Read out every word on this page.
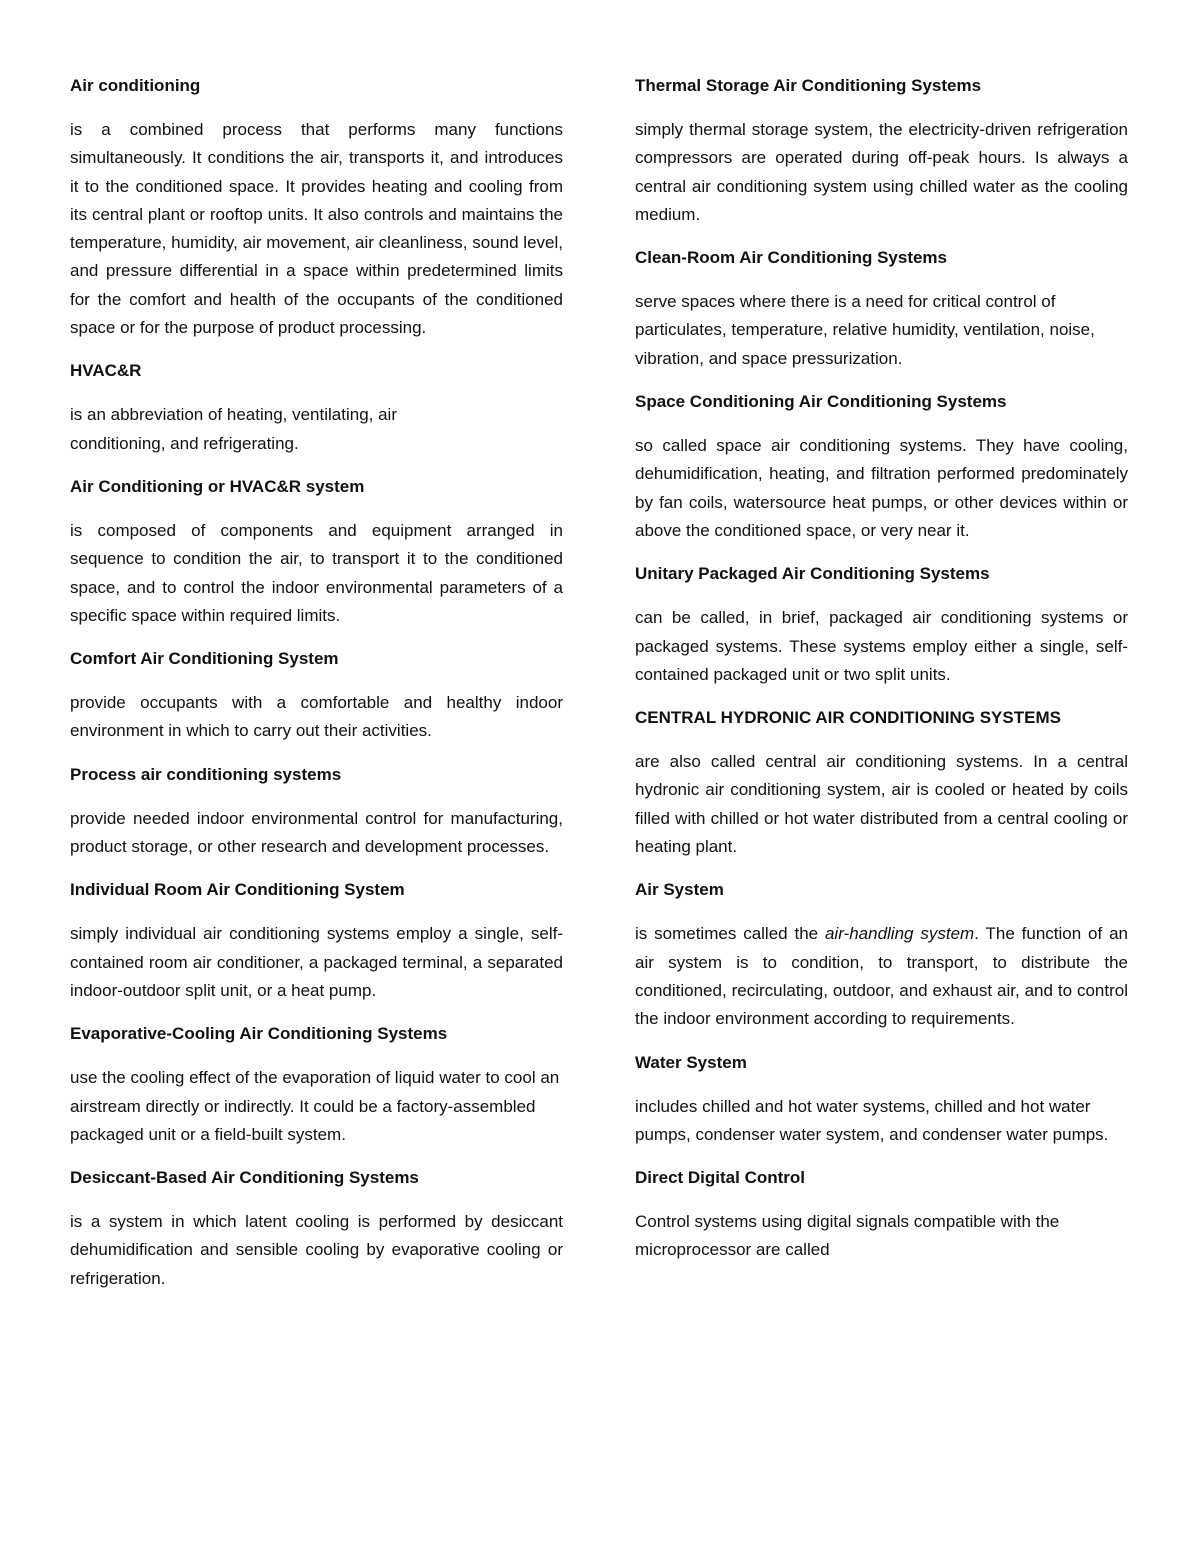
Air conditioning

is a combined process that performs many functions simultaneously. It conditions the air, transports it, and introduces it to the conditioned space. It provides heating and cooling from its central plant or rooftop units. It also controls and maintains the temperature, humidity, air movement, air cleanliness, sound level, and pressure differential in a space within predetermined limits for the comfort and health of the occupants of the conditioned space or for the purpose of product processing.

HVAC&R

is an abbreviation of heating, ventilating, air conditioning, and refrigerating.

Air Conditioning or HVAC&R system

is composed of components and equipment arranged in sequence to condition the air, to transport it to the conditioned space, and to control the indoor environmental parameters of a specific space within required limits.

Comfort Air Conditioning System

provide occupants with a comfortable and healthy indoor environment in which to carry out their activities.

Process air conditioning systems

provide needed indoor environmental control for manufacturing, product storage, or other research and development processes.

Individual Room Air Conditioning System

simply individual air conditioning systems employ a single, self-contained room air conditioner, a packaged terminal, a separated indoor-outdoor split unit, or a heat pump.

Evaporative-Cooling Air Conditioning Systems

use the cooling effect of the evaporation of liquid water to cool an airstream directly or indirectly. It could be a factory-assembled packaged unit or a field-built system.

Desiccant-Based Air Conditioning Systems

is a system in which latent cooling is performed by desiccant dehumidification and sensible cooling by evaporative cooling or refrigeration.

Thermal Storage Air Conditioning Systems

simply thermal storage system, the electricity-driven refrigeration compressors are operated during off-peak hours. Is always a central air conditioning system using chilled water as the cooling medium.

Clean-Room Air Conditioning Systems

serve spaces where there is a need for critical control of particulates, temperature, relative humidity, ventilation, noise, vibration, and space pressurization.

Space Conditioning Air Conditioning Systems

so called space air conditioning systems. They have cooling, dehumidification, heating, and filtration performed predominately by fan coils, watersource heat pumps, or other devices within or above the conditioned space, or very near it.

Unitary Packaged Air Conditioning Systems

can be called, in brief, packaged air conditioning systems or packaged systems. These systems employ either a single, self-contained packaged unit or two split units.

CENTRAL HYDRONIC AIR CONDITIONING SYSTEMS

are also called central air conditioning systems. In a central hydronic air conditioning system, air is cooled or heated by coils filled with chilled or hot water distributed from a central cooling or heating plant.

Air System

is sometimes called the air-handling system. The function of an air system is to condition, to transport, to distribute the conditioned, recirculating, outdoor, and exhaust air, and to control the indoor environment according to requirements.

Water System

includes chilled and hot water systems, chilled and hot water pumps, condenser water system, and condenser water pumps.

Direct Digital Control

Control systems using digital signals compatible with the microprocessor are called
